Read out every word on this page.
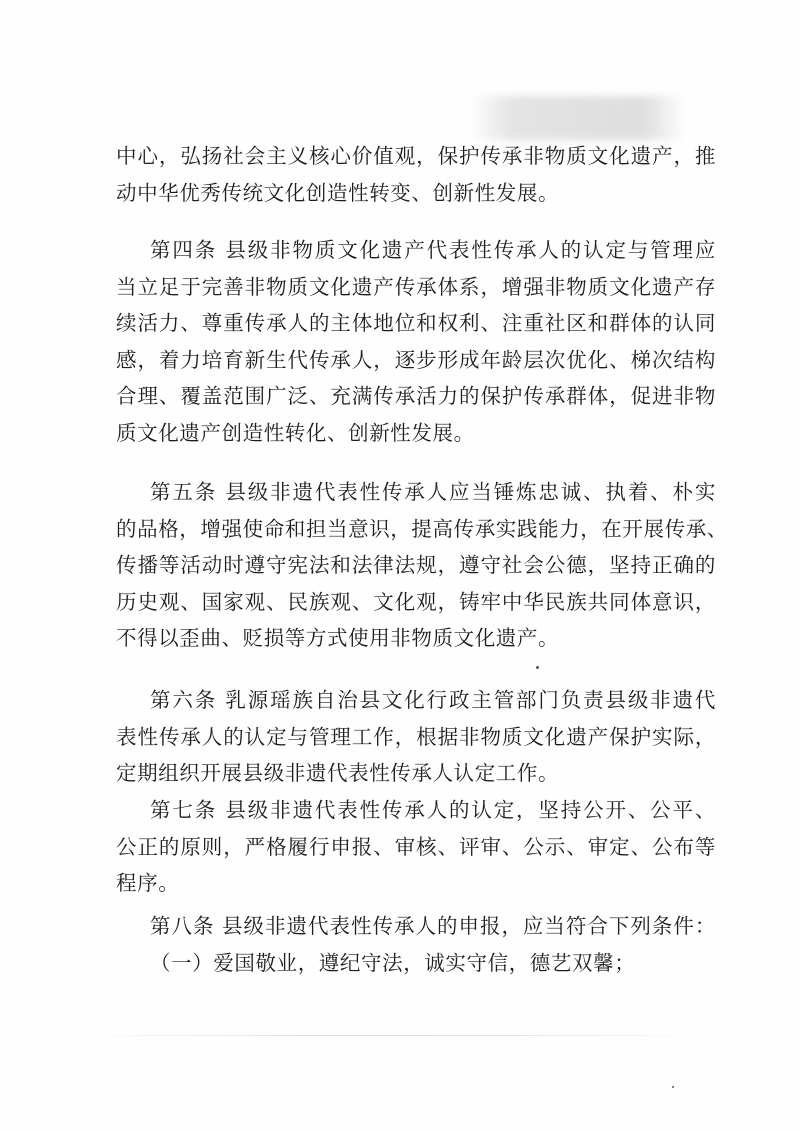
中心，弘扬社会主义核心价值观，保护传承非物质文化遗产，推
动中华优秀传统文化创造性转变、创新性发展。
第四条 县级非物质文化遗产代表性传承人的认定与管理应
当立足于完善非物质文化遗产传承体系，增强非物质文化遗产存
续活力、尊重传承人的主体地位和权利、注重社区和群体的认同
感，着力培育新生代传承人，逐步形成年龄层次优化、梯次结构
合理、覆盖范围广泛、充满传承活力的保护传承群体，促进非物
质文化遗产创造性转化、创新性发展。
第五条 县级非遗代表性传承人应当锤炼忠诚、执着、朴实
的品格，增强使命和担当意识，提高传承实践能力，在开展传承、
传播等活动时遵守宪法和法律法规，遵守社会公德，坚持正确的
历史观、国家观、民族观、文化观，铸牢中华民族共同体意识，
不得以歪曲、贬损等方式使用非物质文化遗产。
第六条 乳源瑶族自治县文化行政主管部门负责县级非遗代
表性传承人的认定与管理工作，根据非物质文化遗产保护实际，
定期组织开展县级非遗代表性传承人认定工作。
第七条 县级非遗代表性传承人的认定，坚持公开、公平、
公正的原则，严格履行申报、审核、评审、公示、审定、公布等
程序。
第八条 县级非遗代表性传承人的申报，应当符合下列条件：
（一）爱国敬业，遵纪守法，诚实守信，德艺双馨；
